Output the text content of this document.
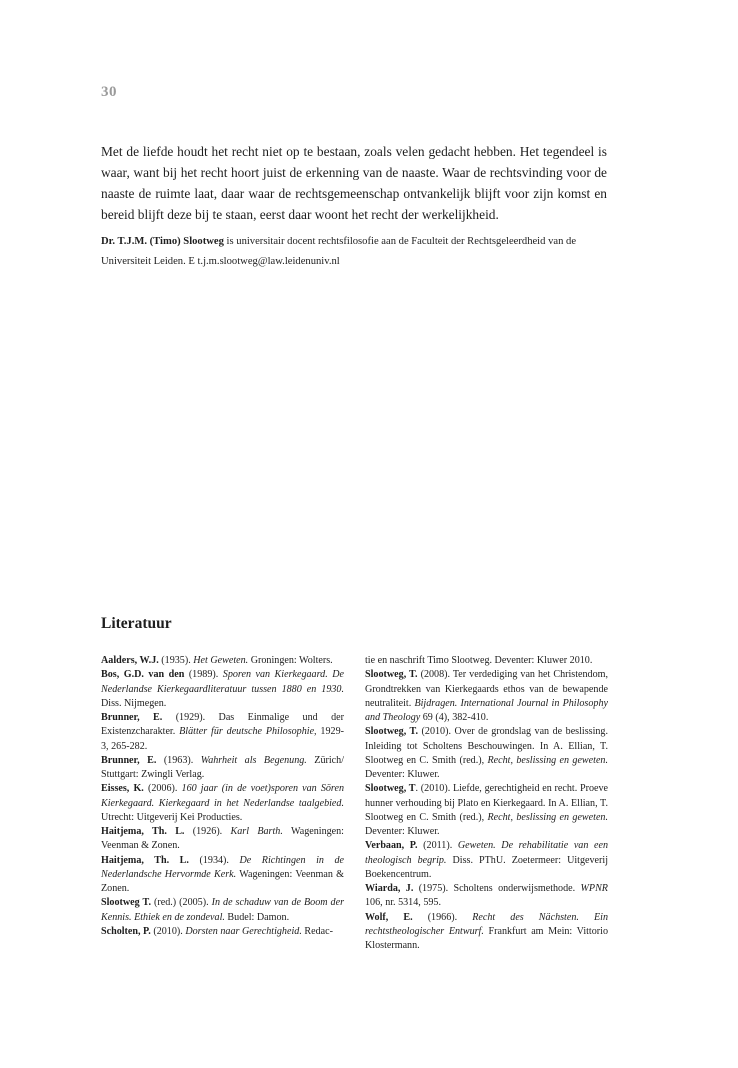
30

Met de liefde houdt het recht niet op te bestaan, zoals velen gedacht hebben. Het tegendeel is waar, want bij het recht hoort juist de erkenning van de naaste. Waar de rechtsvinding voor de naaste de ruimte laat, daar waar de rechtsgemeenschap ontvankelijk blijft voor zijn komst en bereid blijft deze bij te staan, eerst daar woont het recht der werkelijkheid.

Dr. T.J.M. (Timo) Slootweg is universitair docent rechtsfilosofie aan de Faculteit der Rechtsgeleerdheid van de Universiteit Leiden. E t.j.m.slootweg@law.leidenuniv.nl

Literatuur
Aalders, W.J. (1935). Het Geweten. Groningen: Wolters.
Bos, G.D. van den (1989). Sporen van Kierkegaard. De Nederlandse Kierkegaardliteratuur tussen 1880 en 1930. Diss. Nijmegen.
Brunner, E. (1929). Das Einmalige und der Existenzcharakter. Blätter für deutsche Philosophie, 1929-3, 265-282.
Brunner, E. (1963). Wahrheit als Begenung. Zürich/ Stuttgart: Zwingli Verlag.
Eisses, K. (2006). 160 jaar (in de voet)sporen van Sören Kierkegaard. Kierkegaard in het Nederlandse taalgebied. Utrecht: Uitgeverij Kei Producties.
Haitjema, Th. L. (1926). Karl Barth. Wageningen: Veenman & Zonen.
Haitjema, Th. L. (1934). De Richtingen in de Nederlandsche Hervormde Kerk. Wageningen: Veenman & Zonen.
Slootweg T. (red.) (2005). In de schaduw van de Boom der Kennis. Ethiek en de zondeval. Budel: Damon.
Scholten, P. (2010). Dorsten naar Gerechtigheid. Redac-
tie en naschrift Timo Slootweg. Deventer: Kluwer 2010.
Slootweg, T. (2008). Ter verdediging van het Christendom, Grondtrekken van Kierkegaards ethos van de bewapende neutraliteit. Bijdragen. International Journal in Philosophy and Theology 69 (4), 382-410.
Slootweg, T. (2010). Over de grondslag van de beslissing. Inleiding tot Scholtens Beschouwingen. In A. Ellian, T. Slootweg en C. Smith (red.), Recht, beslissing en geweten. Deventer: Kluwer.
Slootweg, T. (2010). Liefde, gerechtigheid en recht. Proeve hunner verhouding bij Plato en Kierkegaard. In A. Ellian, T. Slootweg en C. Smith (red.), Recht, beslissing en geweten. Deventer: Kluwer.
Verbaan, P. (2011). Geweten. De rehabilitatie van een theologisch begrip. Diss. PThU. Zoetermeer: Uitgeverij Boekencentrum.
Wiarda, J. (1975). Scholtens onderwijsmethode. WPNR 106, nr. 5314, 595.
Wolf, E. (1966). Recht des Nächsten. Ein rechtstheologischer Entwurf. Frankfurt am Mein: Vittorio Klostermann.
